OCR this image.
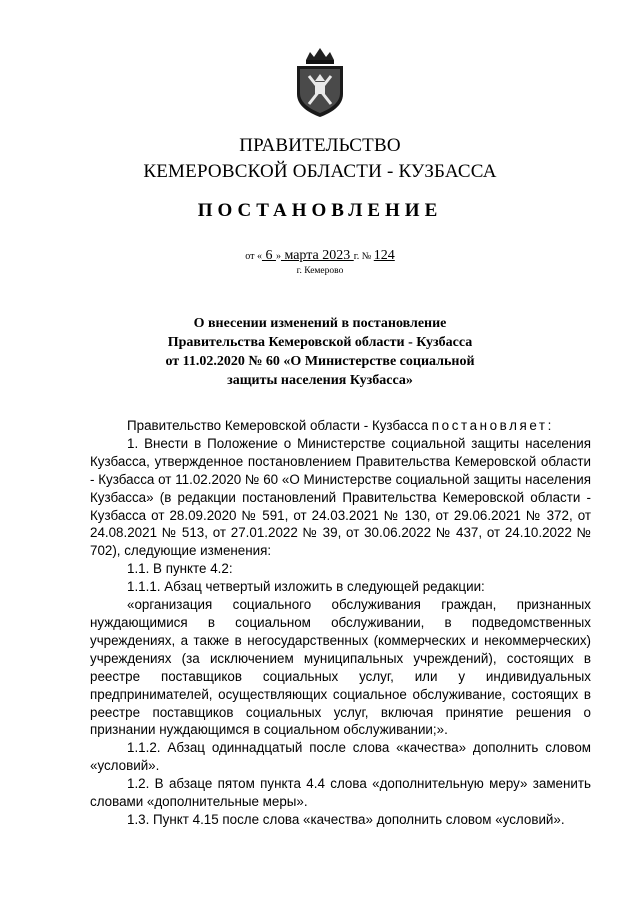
ПРАВИТЕЛЬСТВО
КЕМЕРОВСКОЙ ОБЛАСТИ - КУЗБАССА
ПОСТАНОВЛЕНИЕ
от « 6 » марта 2023 г. № 124
г. Кемерово
О внесении изменений в постановление
Правительства Кемеровской области - Кузбасса
от 11.02.2020 № 60 «О Министерстве социальной
защиты населения Кузбасса»

Правительство Кемеровской области - Кузбасса постановляет:

1. Внести в Положение о Министерстве социальной защиты населения Кузбасса, утвержденное постановлением Правительства Кемеровской области - Кузбасса от 11.02.2020 № 60 «О Министерстве социальной защиты населения Кузбасса» (в редакции постановлений Правительства Кемеровской области - Кузбасса от 28.09.2020 № 591, от 24.03.2021 № 130, от 29.06.2021 № 372, от 24.08.2021 № 513, от 27.01.2022 № 39, от 30.06.2022 № 437, от 24.10.2022 № 702), следующие изменения:

1.1. В пункте 4.2:

1.1.1. Абзац четвертый изложить в следующей редакции:

«организация социального обслуживания граждан, признанных нуждающимися в социальном обслуживании, в подведомственных учреждениях, а также в негосударственных (коммерческих и некоммерческих) учреждениях (за исключением муниципальных учреждений), состоящих в реестре поставщиков социальных услуг, или у индивидуальных предпринимателей, осуществляющих социальное обслуживание, состоящих в реестре поставщиков социальных услуг, включая принятие решения о признании нуждающимся в социальном обслуживании;».

1.1.2. Абзац одиннадцатый после слова «качества» дополнить словом «условий».

1.2. В абзаце пятом пункта 4.4 слова «дополнительную меру» заменить словами «дополнительные меры».

1.3. Пункт 4.15 после слова «качества» дополнить словом «условий».
